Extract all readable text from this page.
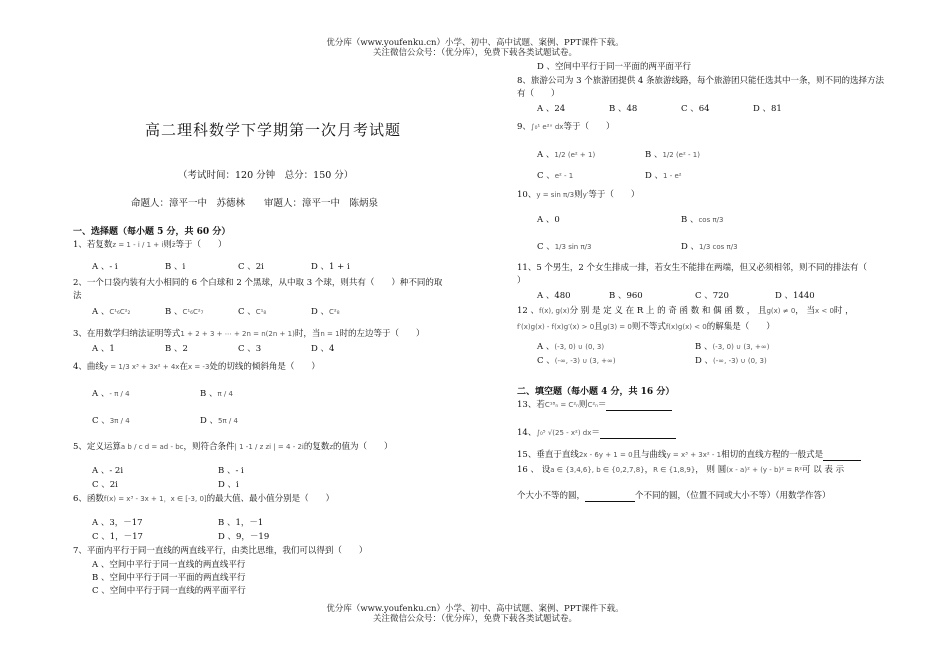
优分库（www.youfenku.cn）小学、初中、高中试题、案例、PPT课件下载。
关注微信公众号：（优分库），免费下载各类试题试卷。
优分库（www.youfenku.cn）小学、初中、高中试题、案例、PPT课件下载。
关注微信公众号：（优分库），免费下载各类试题试卷。
高二理科数学下学期第一次月考试题
（考试时间：120 分钟　总分：150 分）
命题人：漳平一中　苏德林　　审题人：漳平一中　陈炳泉
一、选择题（每小题 5 分，共 60 分）
1、若复数z = 1 - i / 1 + i则z̄等于（　　）
A 、- i	B 、i	C 、2i	D 、1 + i
2、一个口袋内装有大小相同的 6 个白球和 2 个黑球，从中取 3 个球，则共有（　　）种不同的取
法
A 、C¹₆C²₂	B 、C¹₆C²₇	C 、C¹₈	D 、C²₈
3、在用数学归纳法证明等式1 + 2 + 3 + ⋯ + 2n = n(2n + 1)时，当n = 1时的左边等于（　　）
A 、1	B 、2	C 、3	D 、4
4、曲线y = 1/3 x³ + 3x² + 4x在x = -3处的切线的倾斜角是（　　）
A 、- π / 4	B 、π / 4
C 、3π / 4	D 、5π / 4
5、定义运算a b / c d = ad - bc，则符合条件| 1 -1 / z zi | = 4 - 2i的复数z的值为（　　）
A 、- 2i	B 、- i
C 、2i	D 、i
6、函数f(x) = x³ - 3x + 1，x ∈ [-3, 0]的最大值、最小值分别是（　　）
A 、3，－17	B 、1，－1
C 、1，－17	D 、9，－19
7、平面内平行于同一直线的两直线平行，由类比思维，我们可以得到（　　）
A 、空间中平行于同一直线的两直线平行
B 、空间中平行于同一平面的两直线平行
C 、空间中平行于同一直线的两平面平行
D 、空间中平行于同一平面的两平面平行
8、旅游公司为 3 个旅游团提供 4 条旅游线路，每个旅游团只能任选其中一条，则不同的选择方法
有（　　）
A 、24	B 、48	C 、64	D 、81
9、∫₀¹ e²ˣ dx等于（　　）
A 、1/2 (e² + 1)	B 、1/2 (e² - 1)
C 、e² - 1	D 、1 - e²
10、y = sin π/3则y′等于（　　）
A 、0	B 、cos π/3
C 、1/3 sin π/3	D 、1/3 cos π/3
11、5 个男生，2 个女生排成一排，若女生不能排在两端，但又必须相邻，则不同的排法有（
）
A 、480	B 、960	C 、720	D 、1440
12 、f(x), g(x)分 别 是 定 义 在 R 上 的 奇 函 数 和 偶 函 数 ， 且g(x) ≠ 0， 当x < 0时 ，
f′(x)g(x) - f(x)g′(x) > 0且g(3) = 0则不等式f(x)g(x) < 0的解集是（　　）
A 、(-3, 0) ∪ (0, 3)	B 、(-3, 0) ∪ (3, +∞)
C 、(-∞, -3) ∪ (3, +∞)	D 、(-∞, -3) ∪ (0, 3)
二、填空题（每小题 4 分，共 16 分）
13、若C¹⁸ₙ = C²ₙ则C²ₙ＝
14、∫₀⁵ √(25 - x²) dx＝
15、垂直于直线2x - 6y + 1 = 0且与曲线y = x³ + 3x² - 1相切的直线方程的一般式是
16 、 设a ∈ {3,4,6}, b ∈ {0,2,7,8}，R ∈ {1,8,9}， 则 圆(x - a)² + (y - b)² = R²可 以 表 示
个大小不等的圆，	个不同的圆，（位置不同或大小不等）（用数学作答）
